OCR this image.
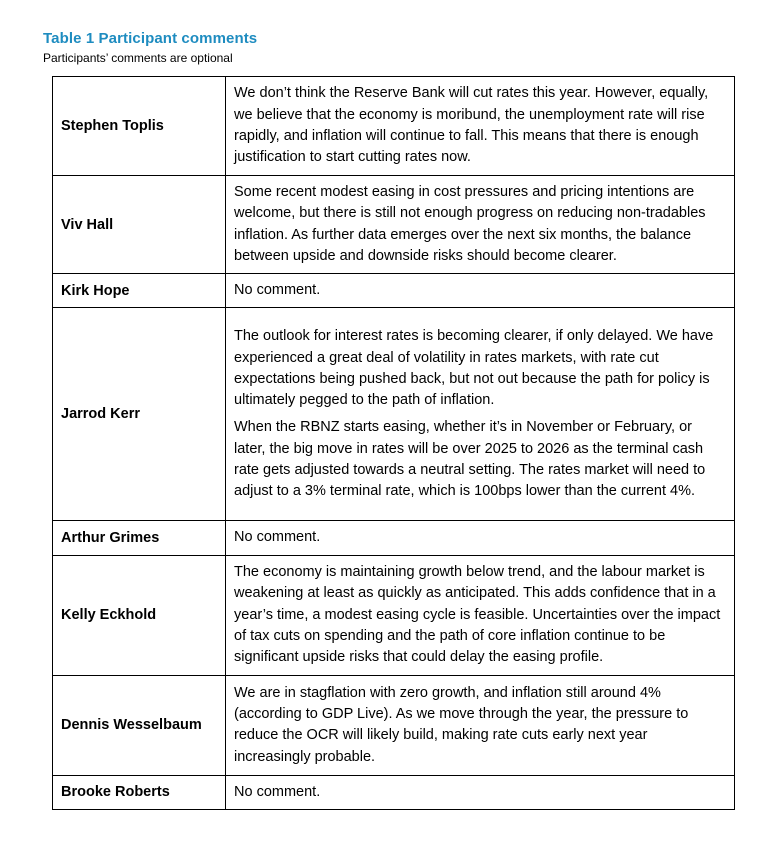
Table 1 Participant comments
Participants’ comments are optional
Stephen Toplis	We don’t think the Reserve Bank will cut rates this year. However, equally, we believe that the economy is moribund, the unemployment rate will rise rapidly, and inflation will continue to fall. This means that there is enough justification to start cutting rates now.

Viv Hall	Some recent modest easing in cost pressures and pricing intentions are welcome, but there is still not enough progress on reducing non-tradables inflation. As further data emerges over the next six months, the balance between upside and downside risks should become clearer.

Kirk Hope	No comment.

Jarrod Kerr	The outlook for interest rates is becoming clearer, if only delayed. We have experienced a great deal of volatility in rates markets, with rate cut expectations being pushed back, but not out because the path for policy is ultimately pegged to the path of inflation.

When the RBNZ starts easing, whether it’s in November or February, or later, the big move in rates will be over 2025 to 2026 as the terminal cash rate gets adjusted towards a neutral setting. The rates market will need to adjust to a 3% terminal rate, which is 100bps lower than the current 4%.

Arthur Grimes	No comment.

Kelly Eckhold	The economy is maintaining growth below trend, and the labour market is weakening at least as quickly as anticipated. This adds confidence that in a year’s time, a modest easing cycle is feasible. Uncertainties over the impact of tax cuts on spending and the path of core inflation continue to be significant upside risks that could delay the easing profile.

Dennis Wesselbaum	We are in stagflation with zero growth, and inflation still around 4% (according to GDP Live). As we move through the year, the pressure to reduce the OCR will likely build, making rate cuts early next year increasingly probable.

Brooke Roberts	No comment.
